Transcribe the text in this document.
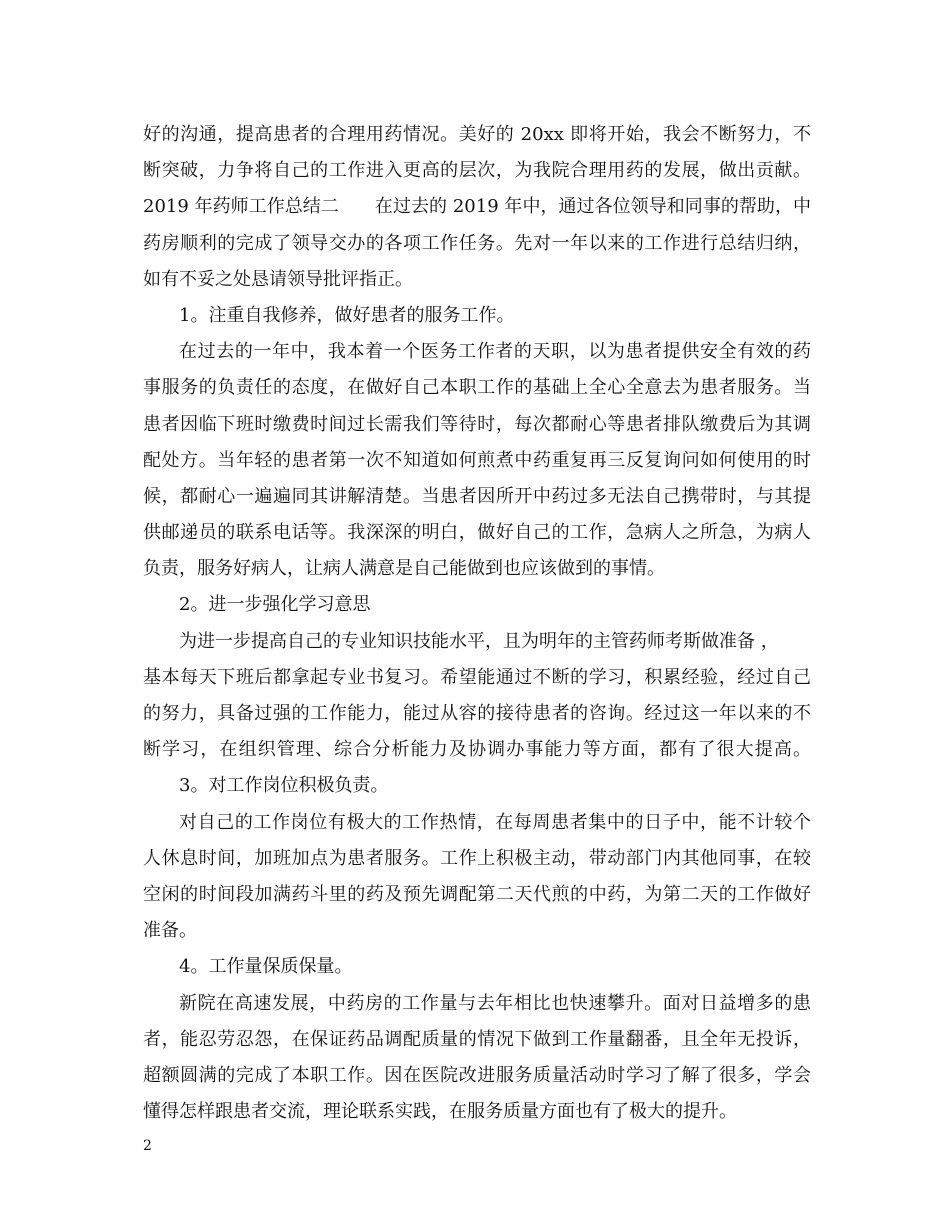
好的沟通，提高患者的合理用药情况。美好的 20xx 即将开始，我会不断努力，不
断突破，力争将自己的工作进入更高的层次，为我院合理用药的发展，做出贡献。
2019 年药师工作总结二　　在过去的 2019 年中，通过各位领导和同事的帮助，中
药房顺利的完成了领导交办的各项工作任务。先对一年以来的工作进行总结归纳，
如有不妥之处恳请领导批评指正。
1。注重自我修养，做好患者的服务工作。
在过去的一年中，我本着一个医务工作者的天职，以为患者提供安全有效的药
事服务的负责任的态度，在做好自己本职工作的基础上全心全意去为患者服务。当
患者因临下班时缴费时间过长需我们等待时，每次都耐心等患者排队缴费后为其调
配处方。当年轻的患者第一次不知道如何煎煮中药重复再三反复询问如何使用的时
候，都耐心一遍遍同其讲解清楚。当患者因所开中药过多无法自己携带时，与其提
供邮递员的联系电话等。我深深的明白，做好自己的工作，急病人之所急，为病人
负责，服务好病人，让病人满意是自己能做到也应该做到的事情。
2。进一步强化学习意思
为进一步提高自己的专业知识技能水平，且为明年的主管药师考斯做准备 ，
基本每天下班后都拿起专业书复习。希望能通过不断的学习，积累经验，经过自己
的努力，具备过强的工作能力，能过从容的接待患者的咨询。经过这一年以来的不
断学习，在组织管理、综合分析能力及协调办事能力等方面，都有了很大提高。
3。对工作岗位积极负责。
对自己的工作岗位有极大的工作热情，在每周患者集中的日子中，能不计较个
人休息时间，加班加点为患者服务。工作上积极主动，带动部门内其他同事，在较
空闲的时间段加满药斗里的药及预先调配第二天代煎的中药，为第二天的工作做好
准备。
4。工作量保质保量。
新院在高速发展，中药房的工作量与去年相比也快速攀升。面对日益增多的患
者，能忍劳忍怨，在保证药品调配质量的情况下做到工作量翻番，且全年无投诉，
超额圆满的完成了本职工作。因在医院改进服务质量活动时学习了解了很多，学会
懂得怎样跟患者交流，理论联系实践，在服务质量方面也有了极大的提升。
2
